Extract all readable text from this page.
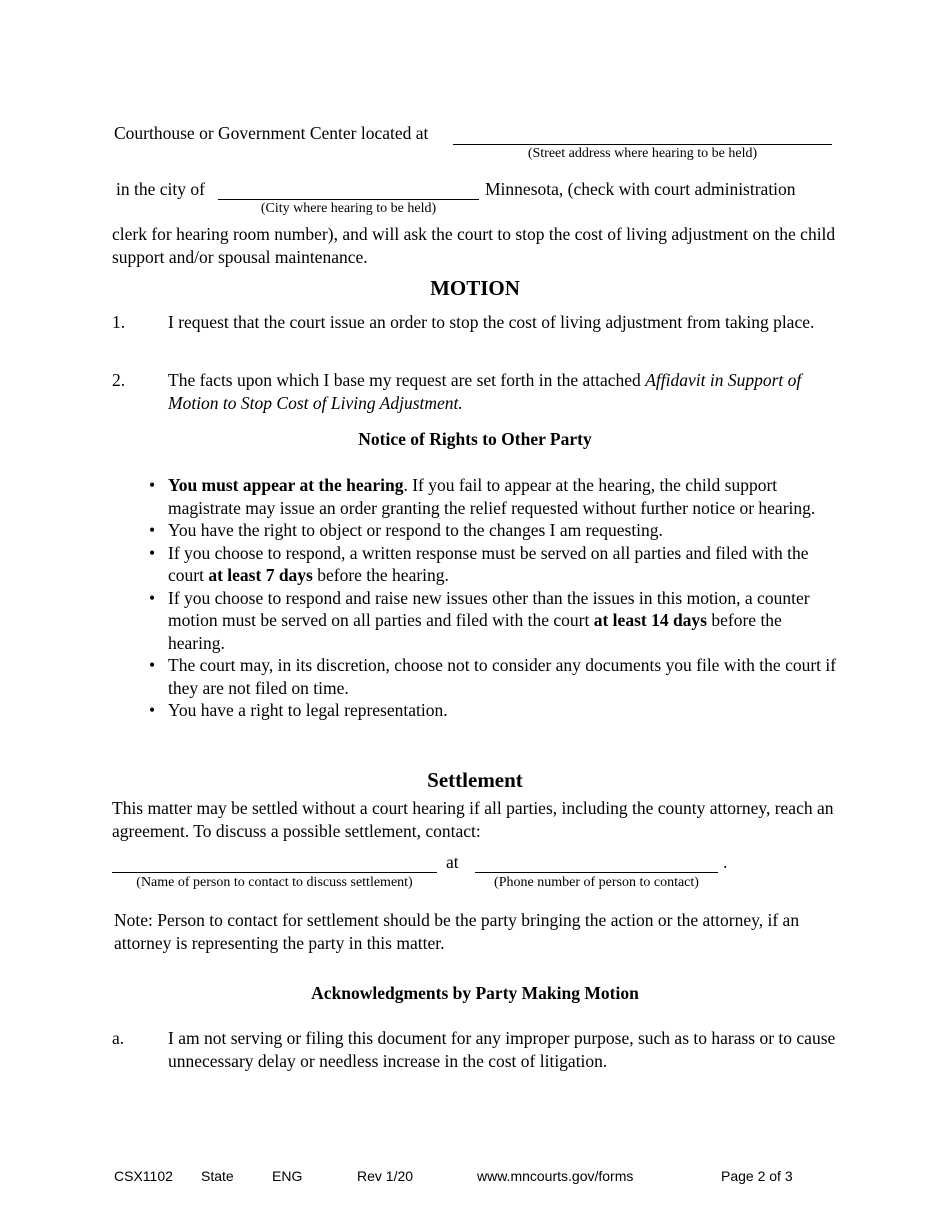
Courthouse or Government Center located at
(Street address where hearing to be held)
in the city of
(City where hearing to be held)
Minnesota, (check with court administration
clerk for hearing room number), and will ask the court to stop the cost of living adjustment on the child support and/or spousal maintenance.
MOTION
1. I request that the court issue an order to stop the cost of living adjustment from taking place.
2. The facts upon which I base my request are set forth in the attached Affidavit in Support of Motion to Stop Cost of Living Adjustment.
Notice of Rights to Other Party
• You must appear at the hearing. If you fail to appear at the hearing, the child support magistrate may issue an order granting the relief requested without further notice or hearing.
• You have the right to object or respond to the changes I am requesting.
• If you choose to respond, a written response must be served on all parties and filed with the court at least 7 days before the hearing.
• If you choose to respond and raise new issues other than the issues in this motion, a counter motion must be served on all parties and filed with the court at least 14 days before the hearing.
• The court may, in its discretion, choose not to consider any documents you file with the court if they are not filed on time.
• You have a right to legal representation.
Settlement
This matter may be settled without a court hearing if all parties, including the county attorney, reach an agreement. To discuss a possible settlement, contact:
at	.
(Name of person to contact to discuss settlement)	(Phone number of person to contact)
Note: Person to contact for settlement should be the party bringing the action or the attorney, if an attorney is representing the party in this matter.
Acknowledgments by Party Making Motion
a.	I am not serving or filing this document for any improper purpose, such as to harass or to cause unnecessary delay or needless increase in the cost of litigation.
CSX1102 State	ENG	Rev 1/20	www.mncourts.gov/forms	Page 2 of 3
